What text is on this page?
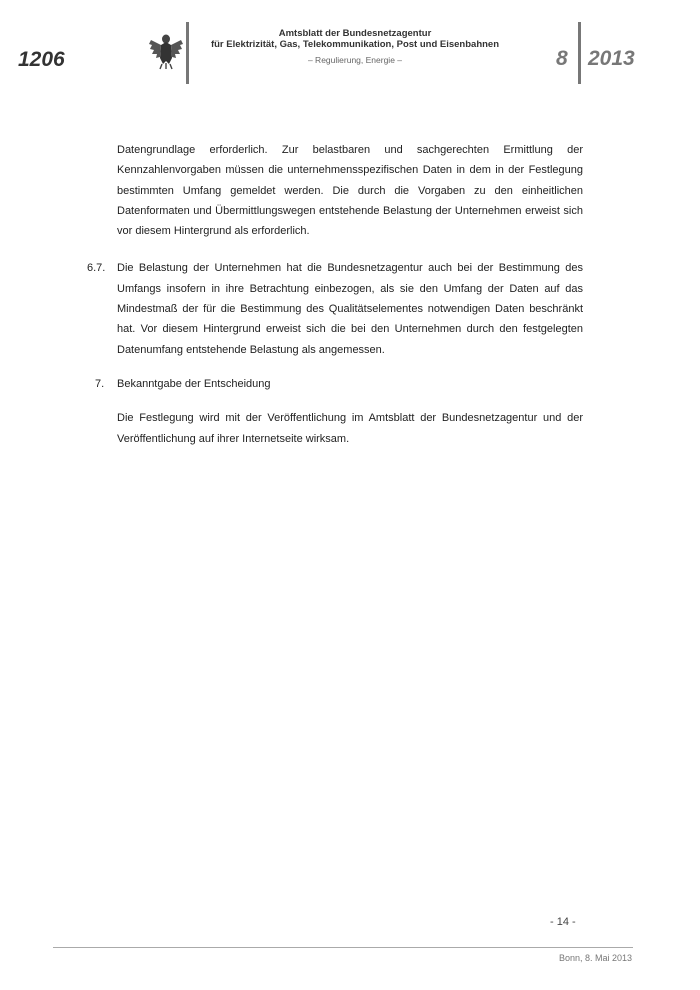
1206
Amtsblatt der Bundesnetzagentur
für Elektrizität, Gas, Telekommunikation, Post und Eisenbahnen
– Regulierung, Energie –	8 2013
Datengrundlage erforderlich. Zur belastbaren und sachgerechten Ermittlung der Kennzahlenvorgaben müssen die unternehmensspezifischen Daten in dem in der Festlegung bestimmten Umfang gemeldet werden. Die durch die Vorgaben zu den einheitlichen Datenformaten und Übermittlungswegen entstehende Belastung der Unternehmen erweist sich vor diesem Hintergrund als erforderlich.
6.7. Die Belastung der Unternehmen hat die Bundesnetzagentur auch bei der Bestimmung des Umfangs insofern in ihre Betrachtung einbezogen, als sie den Umfang der Daten auf das Mindestmaß der für die Bestimmung des Qualitätselementes notwendigen Daten beschränkt hat. Vor diesem Hintergrund erweist sich die bei den Unternehmen durch den festgelegten Datenumfang entstehende Belastung als angemessen.
7. Bekanntgabe der Entscheidung
Die Festlegung wird mit der Veröffentlichung im Amtsblatt der Bundesnetzagentur und der Veröffentlichung auf ihrer Internetseite wirksam.
- 14 -
Bonn, 8. Mai 2013
